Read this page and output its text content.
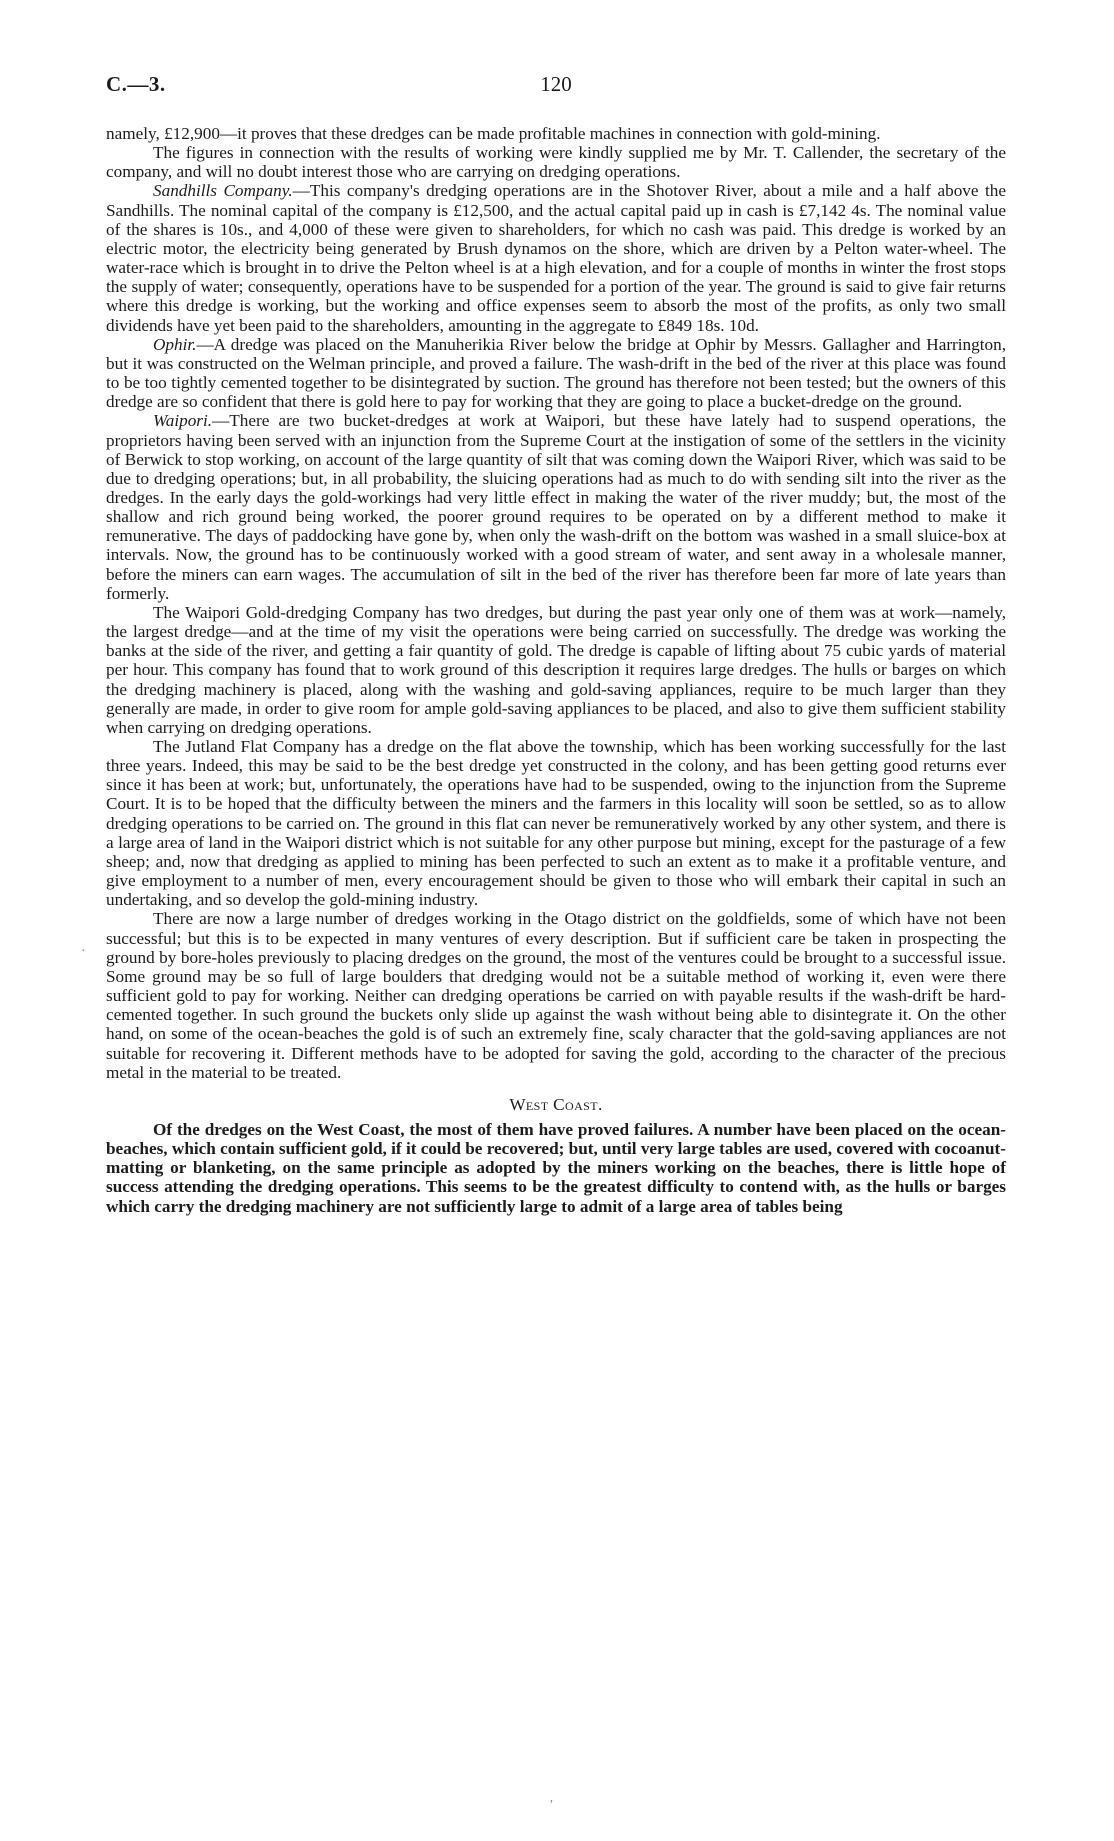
C.—3.	120

namely, £12,900—it proves that these dredges can be made profitable machines in connection with gold-mining.

The figures in connection with the results of working were kindly supplied me by Mr. T. Callender, the secretary of the company, and will no doubt interest those who are carrying on dredging operations.

Sandhills Company.—This company's dredging operations are in the Shotover River, about a mile and a half above the Sandhills. The nominal capital of the company is £12,500, and the actual capital paid up in cash is £7,142 4s. The nominal value of the shares is 10s., and 4,000 of these were given to shareholders, for which no cash was paid. This dredge is worked by an electric motor, the electricity being generated by Brush dynamos on the shore, which are driven by a Pelton water-wheel. The water-race which is brought in to drive the Pelton wheel is at a high elevation, and for a couple of months in winter the frost stops the supply of water; consequently, operations have to be suspended for a portion of the year. The ground is said to give fair returns where this dredge is working, but the working and office expenses seem to absorb the most of the profits, as only two small dividends have yet been paid to the shareholders, amounting in the aggregate to £849 18s. 10d.

Ophir.—A dredge was placed on the Manuherikia River below the bridge at Ophir by Messrs. Gallagher and Harrington, but it was constructed on the Welman principle, and proved a failure. The wash-drift in the bed of the river at this place was found to be too tightly cemented together to be disintegrated by suction. The ground has therefore not been tested; but the owners of this dredge are so confident that there is gold here to pay for working that they are going to place a bucket-dredge on the ground.

Waipori.—There are two bucket-dredges at work at Waipori, but these have lately had to suspend operations, the proprietors having been served with an injunction from the Supreme Court at the instigation of some of the settlers in the vicinity of Berwick to stop working, on account of the large quantity of silt that was coming down the Waipori River, which was said to be due to dredging operations; but, in all probability, the sluicing operations had as much to do with sending silt into the river as the dredges. In the early days the gold-workings had very little effect in making the water of the river muddy; but, the most of the shallow and rich ground being worked, the poorer ground requires to be operated on by a different method to make it remunerative. The days of paddocking have gone by, when only the wash-drift on the bottom was washed in a small sluice-box at intervals. Now, the ground has to be continuously worked with a good stream of water, and sent away in a wholesale manner, before the miners can earn wages. The accumulation of silt in the bed of the river has therefore been far more of late years than formerly.

The Waipori Gold-dredging Company has two dredges, but during the past year only one of them was at work—namely, the largest dredge—and at the time of my visit the operations were being carried on successfully. The dredge was working the banks at the side of the river, and getting a fair quantity of gold. The dredge is capable of lifting about 75 cubic yards of material per hour. This company has found that to work ground of this description it requires large dredges. The hulls or barges on which the dredging machinery is placed, along with the washing and gold-saving appliances, require to be much larger than they generally are made, in order to give room for ample gold-saving appliances to be placed, and also to give them sufficient stability when carrying on dredging operations.

The Jutland Flat Company has a dredge on the flat above the township, which has been working successfully for the last three years. Indeed, this may be said to be the best dredge yet constructed in the colony, and has been getting good returns ever since it has been at work; but, unfortunately, the operations have had to be suspended, owing to the injunction from the Supreme Court. It is to be hoped that the difficulty between the miners and the farmers in this locality will soon be settled, so as to allow dredging operations to be carried on. The ground in this flat can never be remuneratively worked by any other system, and there is a large area of land in the Waipori district which is not suitable for any other purpose but mining, except for the pasturage of a few sheep; and, now that dredging as applied to mining has been perfected to such an extent as to make it a profitable venture, and give employment to a number of men, every encouragement should be given to those who will embark their capital in such an undertaking, and so develop the gold-mining industry.

There are now a large number of dredges working in the Otago district on the goldfields, some of which have not been successful; but this is to be expected in many ventures of every description. But if sufficient care be taken in prospecting the ground by bore-holes previously to placing dredges on the ground, the most of the ventures could be brought to a successful issue. Some ground may be so full of large boulders that dredging would not be a suitable method of working it, even were there sufficient gold to pay for working. Neither can dredging operations be carried on with payable results if the wash-drift be hard-cemented together. In such ground the buckets only slide up against the wash without being able to disintegrate it. On the other hand, on some of the ocean-beaches the gold is of such an extremely fine, scaly character that the gold-saving appliances are not suitable for recovering it. Different methods have to be adopted for saving the gold, according to the character of the precious metal in the material to be treated.

West Coast.

Of the dredges on the West Coast, the most of them have proved failures. A number have been placed on the ocean-beaches, which contain sufficient gold, if it could be recovered; but, until very large tables are used, covered with cocoanut-matting or blanketing, on the same principle as adopted by the miners working on the beaches, there is little hope of success attending the dredging operations. This seems to be the greatest difficulty to contend with, as the hulls or barges which carry the dredging machinery are not sufficiently large to admit of a large area of tables being

·
′
